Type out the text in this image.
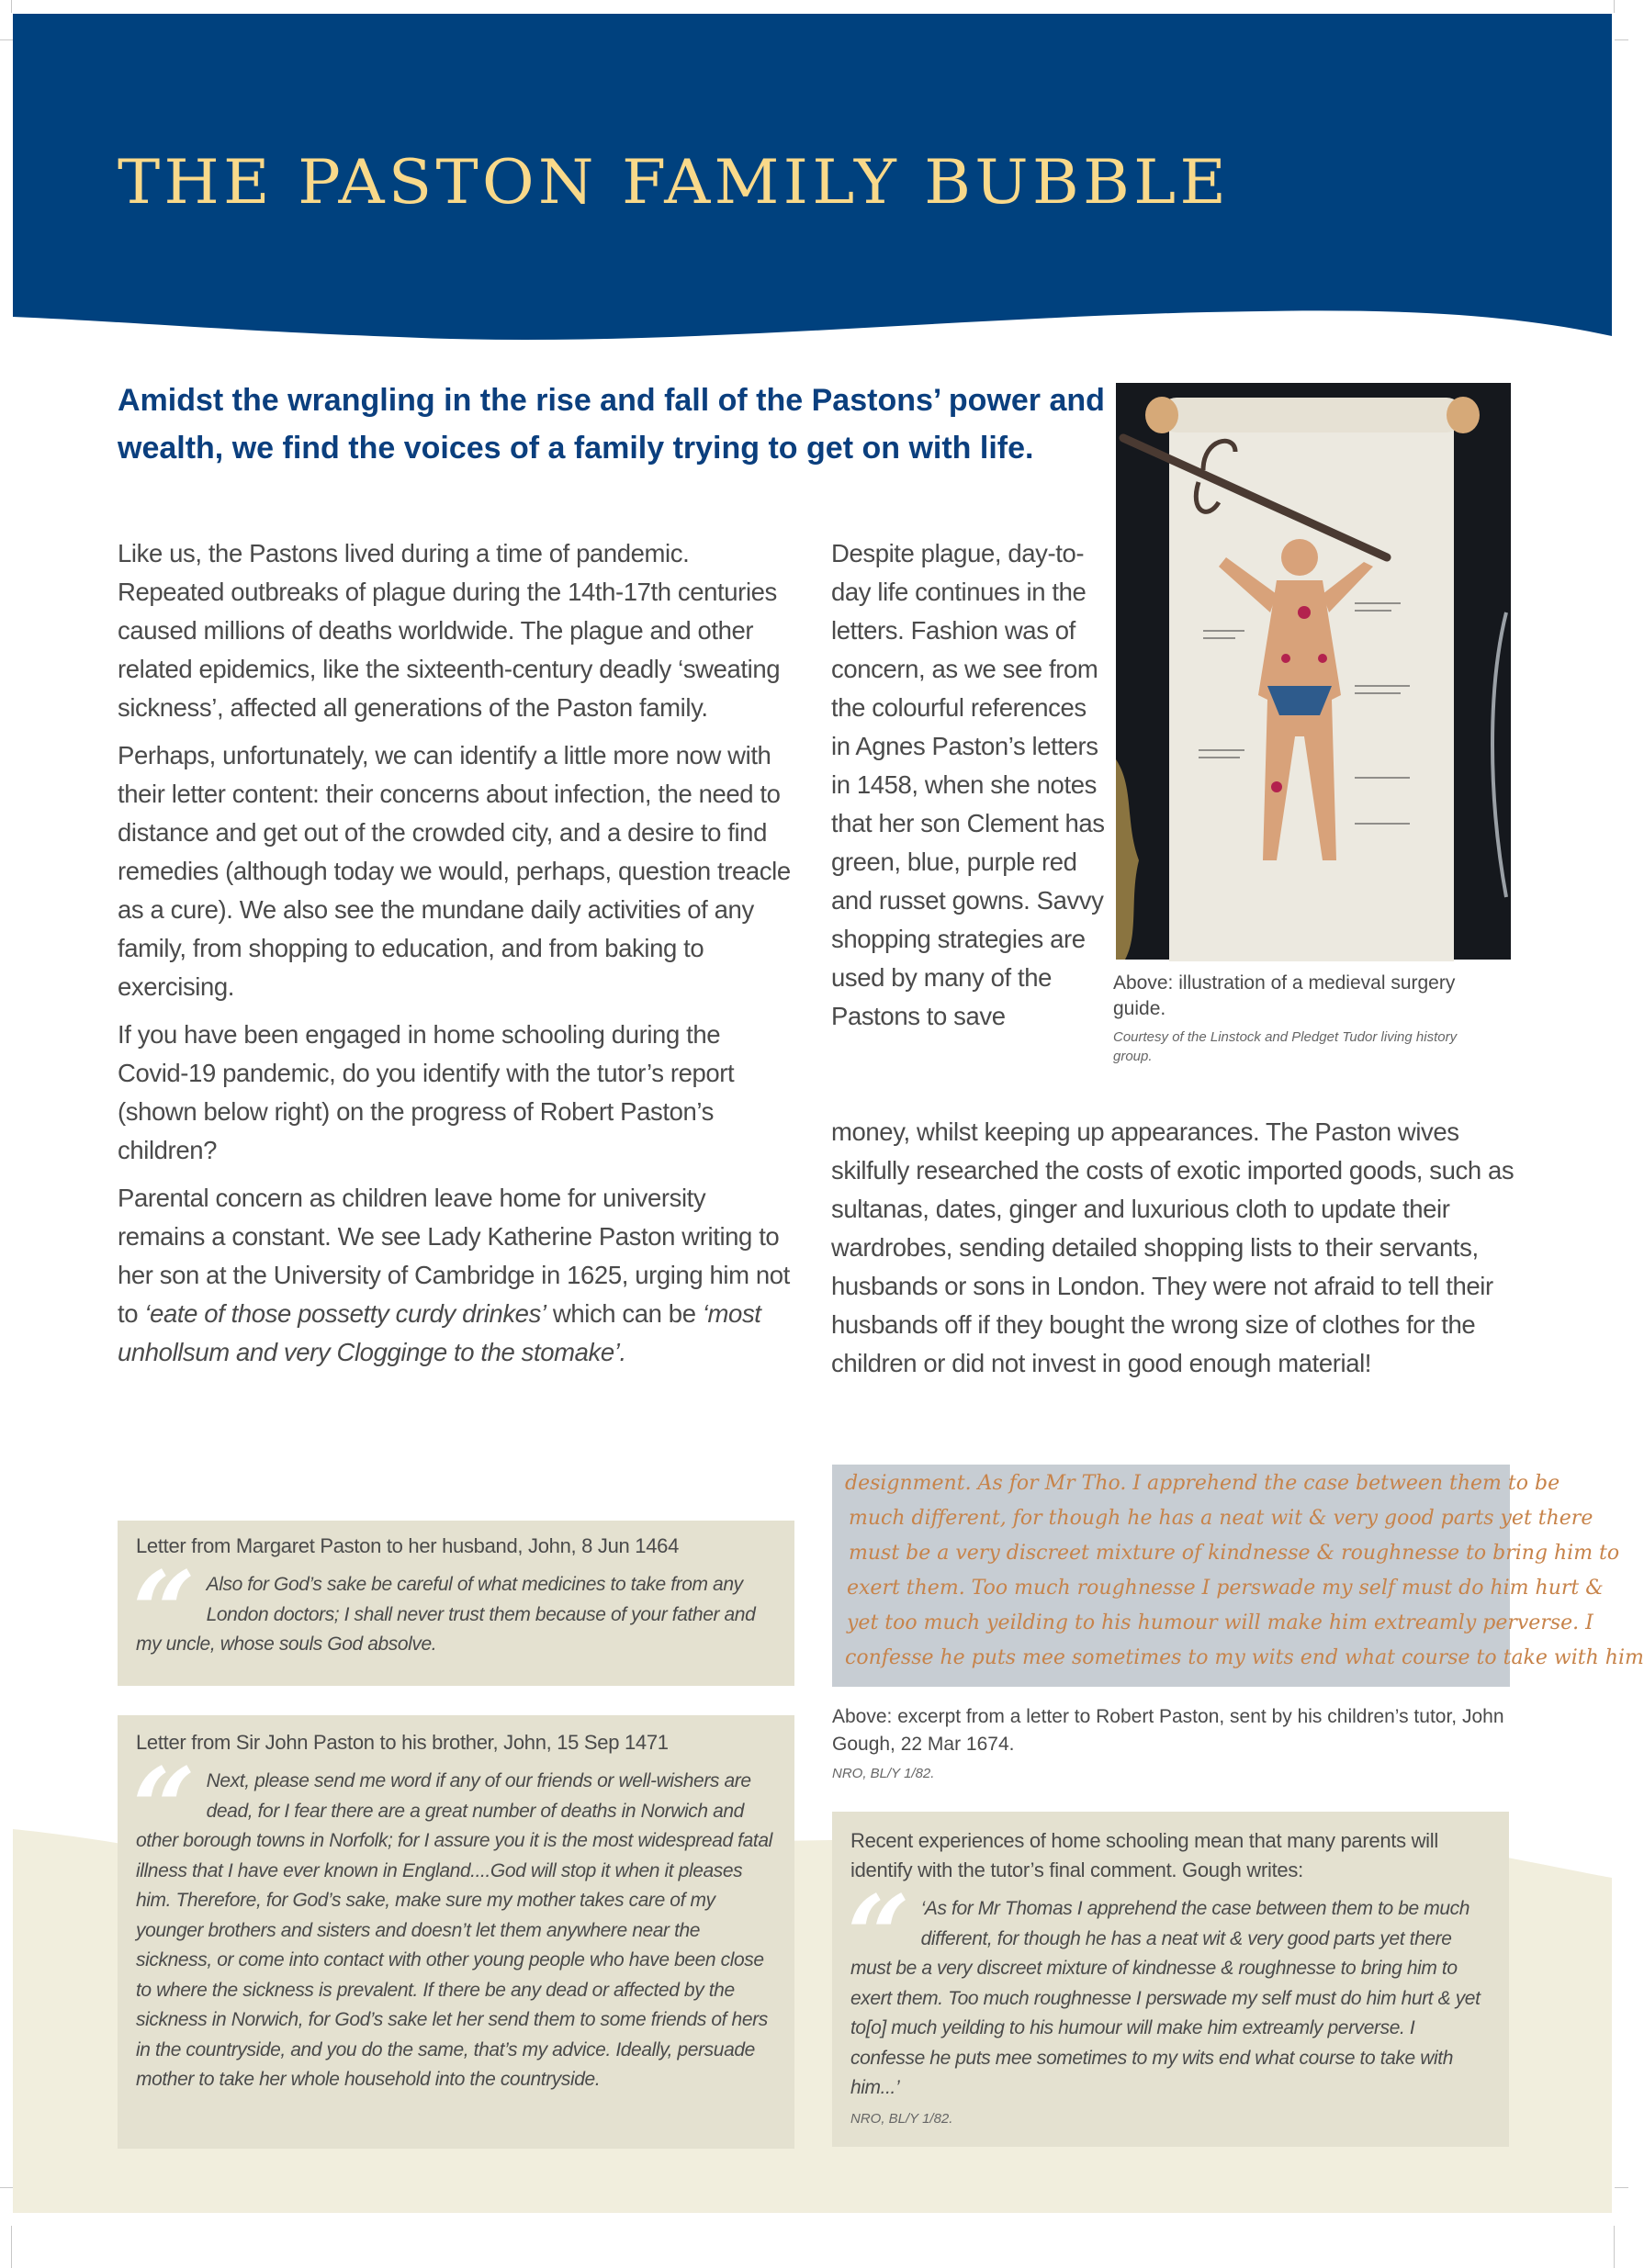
THE PASTON FAMILY BUBBLE
Amidst the wrangling in the rise and fall of the Pastons’ power and wealth, we find the voices of a family trying to get on with life.

Like us, the Pastons lived during a time of pandemic. Repeated outbreaks of plague during the 14th-17th centuries caused millions of deaths worldwide. The plague and other related epidemics, like the sixteenth-century deadly ‘sweating sickness’, affected all generations of the Paston family.

Perhaps, unfortunately, we can identify a little more now with their letter content: their concerns about infection, the need to distance and get out of the crowded city, and a desire to find remedies (although today we would, perhaps, question treacle as a cure). We also see the mundane daily activities of any family, from shopping to education, and from baking to exercising.

If you have been engaged in home schooling during the Covid-19 pandemic, do you identify with the tutor’s report (shown below right) on the progress of Robert Paston’s children?

Parental concern as children leave home for university remains a constant. We see Lady Katherine Paston writing to her son at the University of Cambridge in 1625, urging him not to ‘eate of those possetty curdy drinkes’ which can be ‘most unhollsum and very Clogginge to the stomake’.

Despite plague, day-to-day life continues in the letters. Fashion was of concern, as we see from the colourful references in Agnes Paston’s letters in 1458, when she notes that her son Clement has green, blue, purple red and russet gowns. Savvy shopping strategies are used by many of the Pastons to save

money, whilst keeping up appearances. The Paston wives skilfully researched the costs of exotic imported goods, such as sultanas, dates, ginger and luxurious cloth to update their wardrobes, sending detailed shopping lists to their servants, husbands or sons in London. They were not afraid to tell their husbands off if they bought the wrong size of clothes for the children or did not invest in good enough material!

Above: illustration of a medieval surgery guide.
Courtesy of the Linstock and Pledget Tudor living history group.
designment. As for Mr Tho. I apprehend the case between them to be
much different, for though he has a neat wit & very good parts yet there
must be a very discreet mixture of kindnesse & roughnesse to bring him to
exert them. Too much roughnesse I perswade my self must do him hurt &
yet too much yeilding to his humour will make him extreamly perverse. I
confesse he puts mee sometimes to my wits end what course to take with him
Above: excerpt from a letter to Robert Paston, sent by his children’s tutor, John Gough, 22 Mar 1674.
NRO, BL/Y 1/82.
Letter from Margaret Paston to her husband, John, 8 Jun 1464
“ Also for God’s sake be careful of what medicines to take from any London doctors; I shall never trust them because of your father and my uncle, whose souls God absolve.
Letter from Sir John Paston to his brother, John, 15 Sep 1471
“ Next, please send me word if any of our friends or well-wishers are dead, for I fear there are a great number of deaths in Norwich and other borough towns in Norfolk; for I assure you it is the most widespread fatal illness that I have ever known in England....God will stop it when it pleases him. Therefore, for God’s sake, make sure my mother takes care of my younger brothers and sisters and doesn’t let them anywhere near the sickness, or come into contact with other young people who have been close to where the sickness is prevalent. If there be any dead or affected by the sickness in Norwich, for God’s sake let her send them to some friends of hers in the countryside, and you do the same, that’s my advice. Ideally, persuade mother to take her whole household into the countryside.
Recent experiences of home schooling mean that many parents will identify with the tutor’s final comment. Gough writes:
“ ‘As for Mr Thomas I apprehend the case between them to be much different, for though he has a neat wit & very good parts yet there must be a very discreet mixture of kindnesse & roughnesse to bring him to exert them. Too much roughnesse I perswade my self must do him hurt & yet to[o] much yeilding to his humour will make him extreamly perverse. I confesse he puts mee sometimes to my wits end what course to take with him...’
NRO, BL/Y 1/82.
